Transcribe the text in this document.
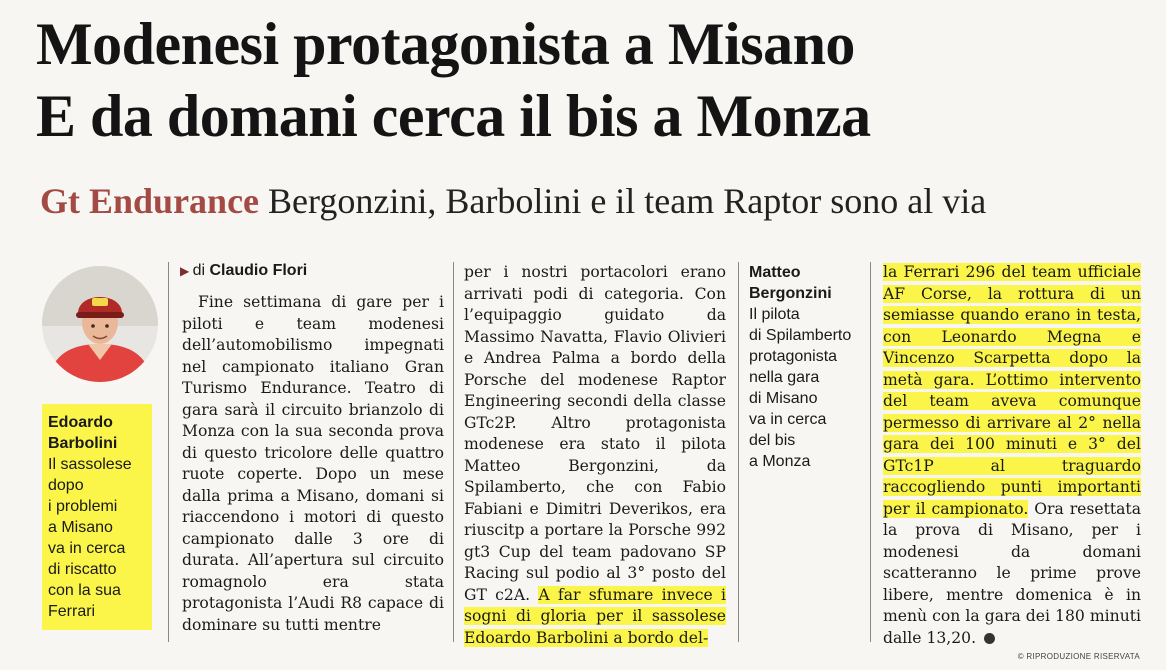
Modenesi protagonista a Misano
E da domani cerca il bis a Monza
Gt Endurance Bergonzini, Barbolini e il team Raptor sono al via
Edoardo
Barbolini
Il sassolese
dopo
i problemi
a Misano
va in cerca
di riscatto
con la sua
Ferrari
▶ di Claudio Flori

Fine settimana di gare per i piloti e team modenesi dell’automobilismo impegnati nel campionato italiano Gran Turismo Endurance. Teatro di gara sarà il circuito brianzolo di Monza con la sua seconda prova di questo tricolore delle quattro ruote coperte. Dopo un mese dalla prima a Misano, domani si riaccendono i motori di questo campionato dalle 3 ore di durata. All’apertura sul circuito romagnolo era stata protagonista l’Audi R8 capace di dominare su tutti mentre

per i nostri portacolori erano arrivati podi di categoria. Con l’equipaggio guidato da Massimo Navatta, Flavio Olivieri e Andrea Palma a bordo della Porsche del modenese Raptor Engineering secondi della classe GTc2P. Altro protagonista modenese era stato il pilota Matteo Bergonzini, da Spilamberto, che con Fabio Fabiani e Dimitri Deverikos, era riuscitp a portare la Porsche 992 gt3 Cup del team padovano SP Racing sul podio al 3° posto del GT c2A. A far sfumare invece i sogni di gloria per il sassolese Edoardo Barbolini a bordo del-

Matteo
Bergonzini
Il pilota
di Spilamberto
protagonista
nella gara
di Misano
va in cerca
del bis
a Monza

la Ferrari 296 del team ufficiale AF Corse, la rottura di un semiasse quando erano in testa, con Leonardo Megna e Vincenzo Scarpetta dopo la metà gara. L’ottimo intervento del team aveva comunque permesso di arrivare al 2° nella gara dei 100 minuti e 3° del GTc1P al traguardo raccogliendo punti importanti per il campionato. Ora resettata la prova di Misano, per i modenesi da domani scatteranno le prime prove libere, mentre domenica è in menù con la gara dei 180 minuti dalle 13,20.

© RIPRODUZIONE RISERVATA
